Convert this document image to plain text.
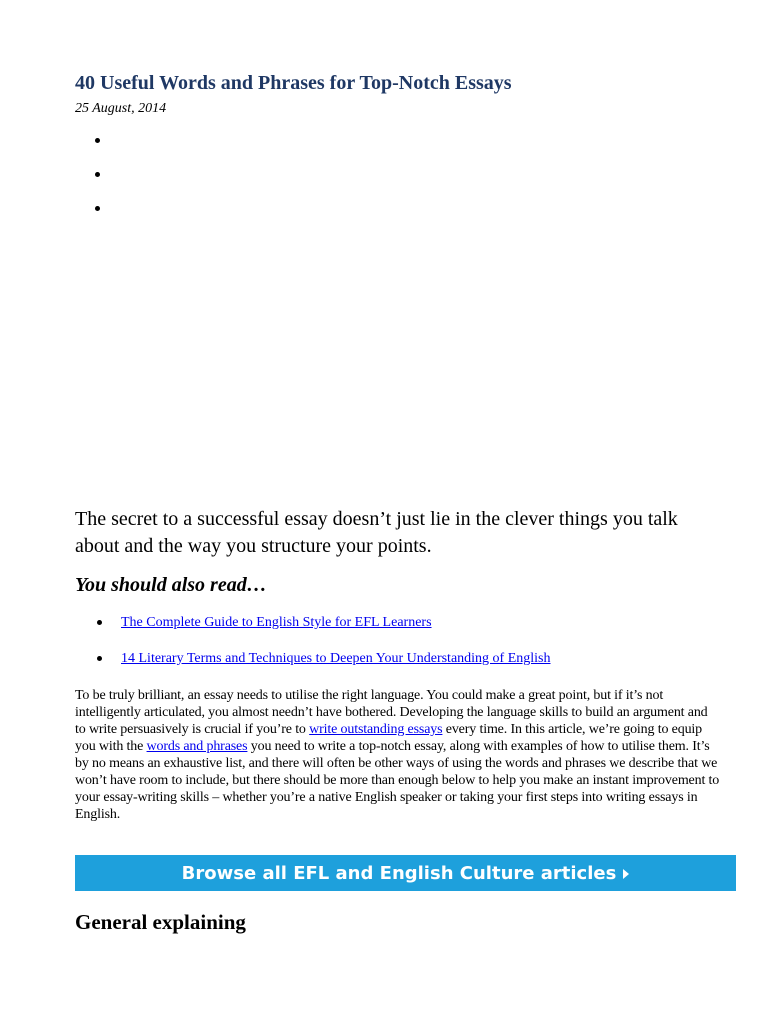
40 Useful Words and Phrases for Top-Notch Essays
25 August, 2014

The secret to a successful essay doesn’t just lie in the clever things you talk about and the way you structure your points.

You should also read…
The Complete Guide to English Style for EFL Learners
14 Literary Terms and Techniques to Deepen Your Understanding of English

To be truly brilliant, an essay needs to utilise the right language. You could make a great point, but if it’s not intelligently articulated, you almost needn’t have bothered. Developing the language skills to build an argument and to write persuasively is crucial if you’re to write outstanding essays every time. In this article, we’re going to equip you with the words and phrases you need to write a top-notch essay, along with examples of how to utilise them. It’s by no means an exhaustive list, and there will often be other ways of using the words and phrases we describe that we won’t have room to include, but there should be more than enough below to help you make an instant improvement to your essay-writing skills – whether you’re a native English speaker or taking your first steps into writing essays in English.

Browse all EFL and English Culture articles
General explaining
